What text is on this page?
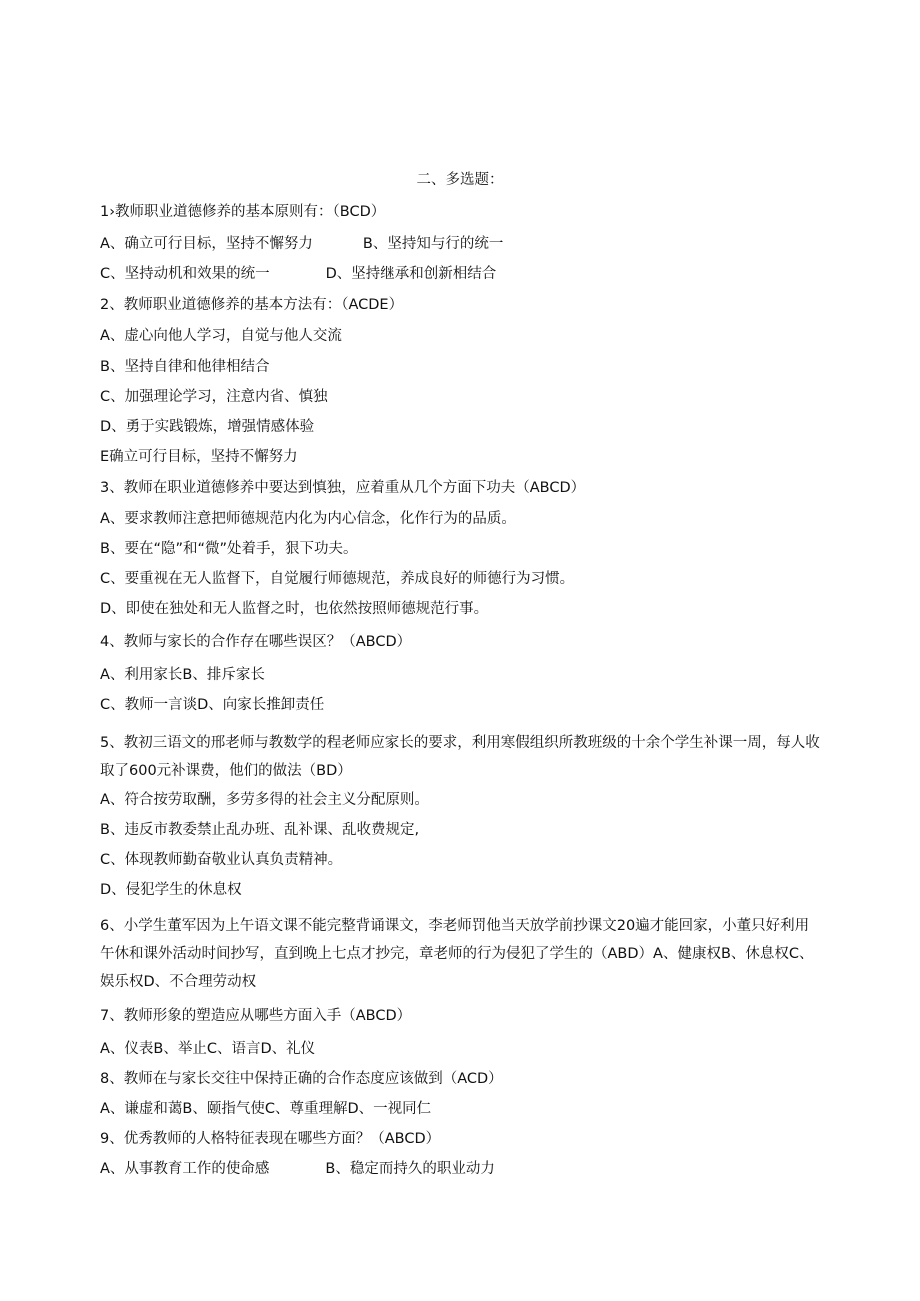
二、多选题：
1›教师职业道德修养的基本原则有：（BCD）
A、确立可行目标，坚持不懈努力	B、坚持知与行的统一
C、坚持动机和效果的统一	D、坚持继承和创新相结合
2、教师职业道德修养的基本方法有：（ACDE）
A、虚心向他人学习，自觉与他人交流
B、坚持自律和他律相结合
C、加强理论学习，注意内省、慎独
D、勇于实践锻炼，增强情感体验
E确立可行目标，坚持不懈努力
3、教师在职业道德修养中要达到慎独，应着重从几个方面下功夫（ABCD）
A、要求教师注意把师德规范内化为内心信念，化作行为的品质。
B、要在“隐”和“微”处着手，狠下功夫。
C、要重视在无人监督下，自觉履行师德规范，养成良好的师德行为习惯。
D、即使在独处和无人监督之时，也依然按照师德规范行事。
4、教师与家长的合作存在哪些误区？（ABCD）
A、利用家长B、排斥家长
C、教师一言谈D、向家长推卸责任
5、教初三语文的邢老师与教数学的程老师应家长的要求，利用寒假组织所教班级的十余个学生补课一周，每人收取了600元补课费，他们的做法（BD）
A、符合按劳取酬，多劳多得的社会主义分配原则。
B、违反市教委禁止乱办班、乱补课、乱收费规定,
C、体现教师勤奋敬业认真负责精神。
D、侵犯学生的休息权
6、小学生董军因为上午语文课不能完整背诵课文，李老师罚他当天放学前抄课文20遍才能回家，小董只好利用午休和课外活动时间抄写，直到晚上七点才抄完，章老师的行为侵犯了学生的（ABD）A、健康权B、休息权C、娱乐权D、不合理劳动权
7、教师形象的塑造应从哪些方面入手（ABCD）
A、仪表B、举止C、语言D、礼仪
8、教师在与家长交往中保持正确的合作态度应该做到（ACD）
A、谦虚和蔼B、颐指气使C、尊重理解D、一视同仁
9、优秀教师的人格特征表现在哪些方面？（ABCD）
A、从事教育工作的使命感	B、稳定而持久的职业动力
